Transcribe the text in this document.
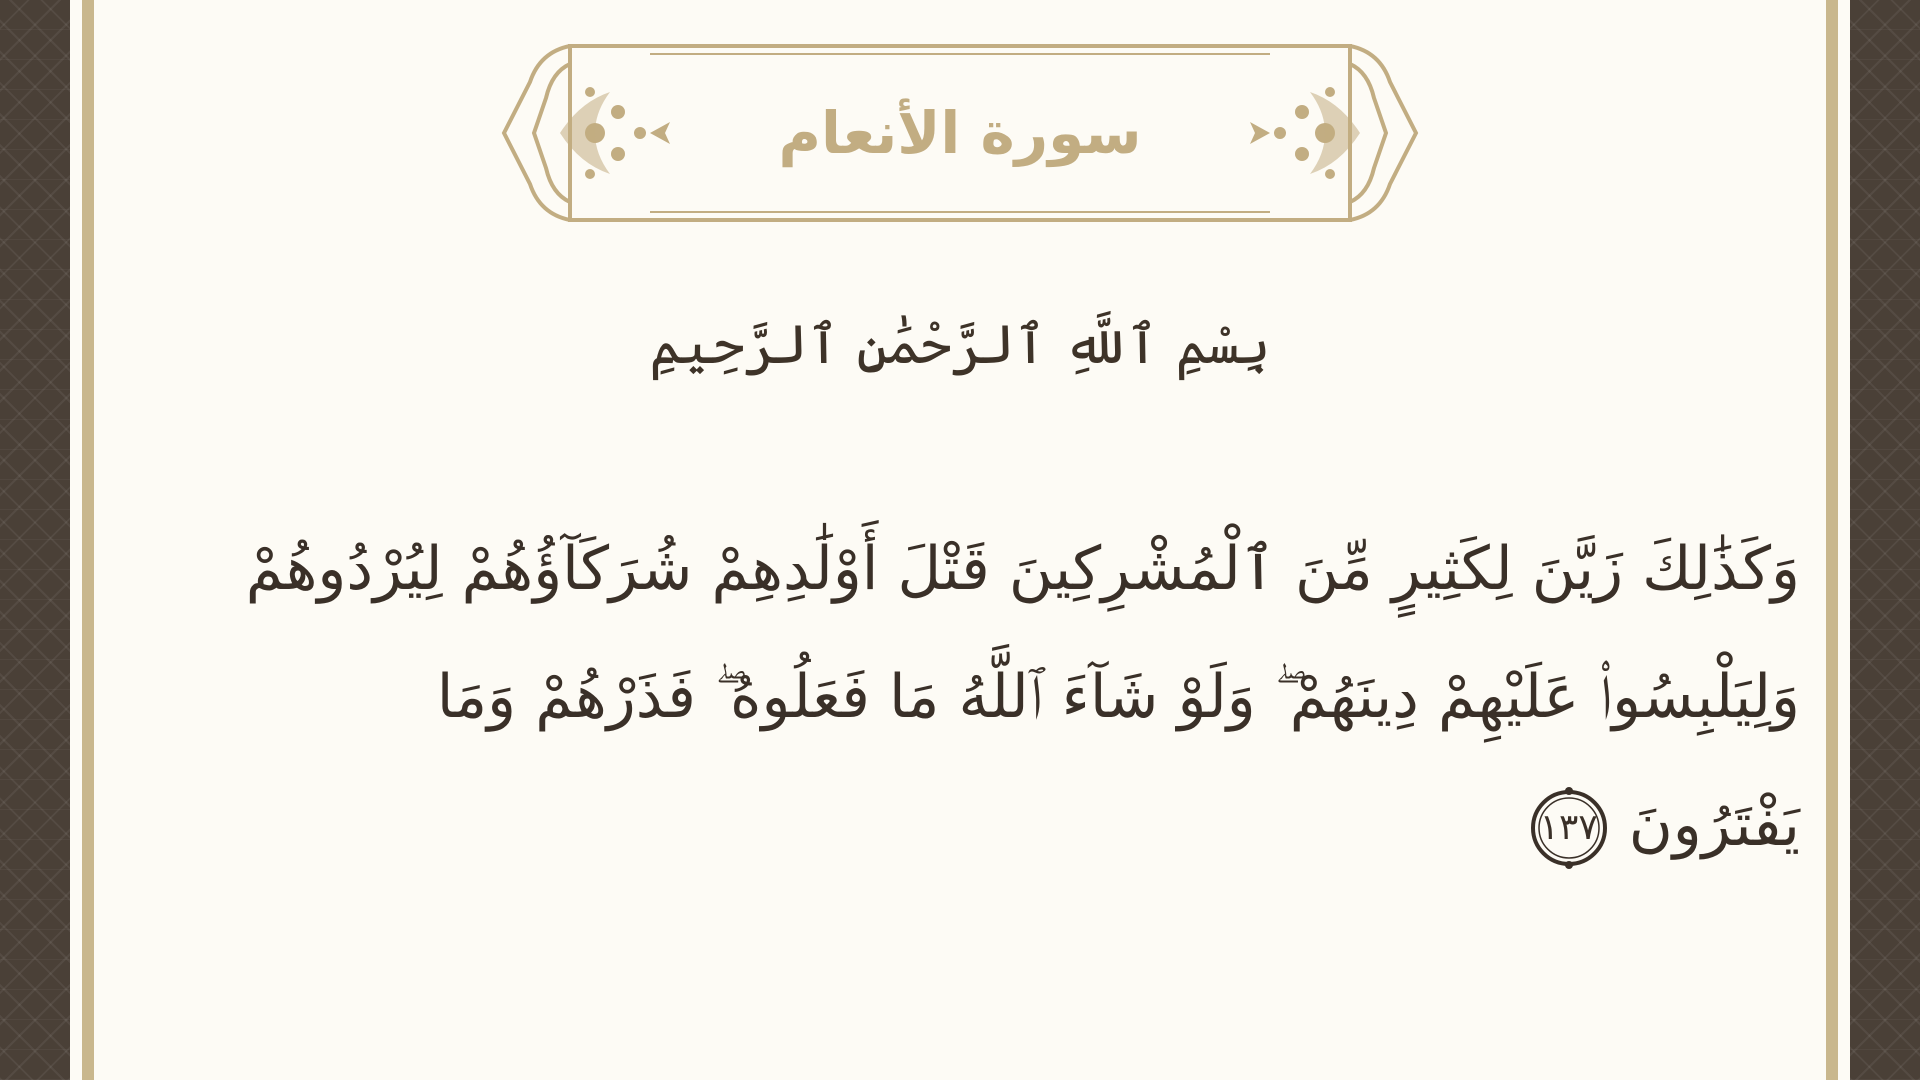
سورة الأنعام
بِسْمِ ٱللَّهِ ٱلرَّحْمَٰنِ ٱلرَّحِيمِ
وَكَذَٰلِكَ زَيَّنَ لِكَثِيرٍ مِّنَ ٱلْمُشْرِكِينَ قَتْلَ أَوْلَٰدِهِمْ شُرَكَآؤُهُمْ لِيُرْدُوهُمْ
وَلِيَلْبِسُوا۟ عَلَيْهِمْ دِينَهُمْ ۖ وَلَوْ شَآءَ ٱللَّهُ مَا فَعَلُوهُ ۖ فَذَرْهُمْ وَمَا
يَفْتَرُونَ
١٣٧
